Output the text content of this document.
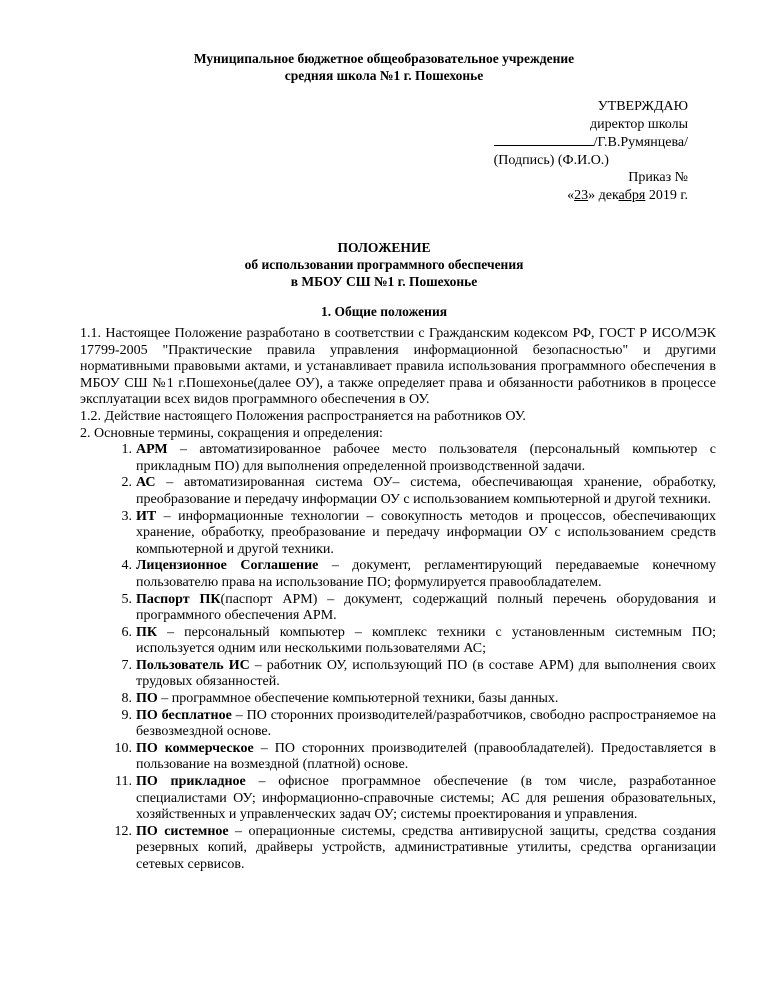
Муниципальное бюджетное общеобразовательное учреждение
средняя школа №1 г. Пошехонье
УТВЕРЖДАЮ
директор школы
/Г.В.Румянцева/
(Подпись) (Ф.И.О.)
Приказ №
«23» декабря 2019 г.
ПОЛОЖЕНИЕ
об использовании программного обеспечения
в МБОУ СШ №1 г. Пошехонье
1. Общие положения

1.1. Настоящее Положение разработано в соответствии с Гражданским кодексом РФ, ГОСТ Р ИСО/МЭК 17799-2005 "Практические правила управления информационной безопасностью" и другими нормативными правовыми актами, и устанавливает правила использования программного обеспечения в МБОУ СШ №1 г.Пошехонье(далее ОУ), а также определяет права и обязанности работников в процессе эксплуатации всех видов программного обеспечения в ОУ.

1.2. Действие настоящего Положения распространяется на работников ОУ.

2. Основные термины, сокращения и определения:

1. АРМ – автоматизированное рабочее место пользователя (персональный компьютер с прикладным ПО) для выполнения определенной производственной задачи.
2. АС – автоматизированная система ОУ– система, обеспечивающая хранение, обработку, преобразование и передачу информации ОУ с использованием компьютерной и другой техники.
3. ИТ – информационные технологии – совокупность методов и процессов, обеспечивающих хранение, обработку, преобразование и передачу информации ОУ с использованием средств компьютерной и другой техники.
4. Лицензионное Соглашение – документ, регламентирующий передаваемые конечному пользователю права на использование ПО; формулируется правообладателем.
5. Паспорт ПК(паспорт АРМ) – документ, содержащий полный перечень оборудования и программного обеспечения АРМ.
6. ПК – персональный компьютер – комплекс техники с установленным системным ПО; используется одним или несколькими пользователями АС;
7. Пользователь ИС – работник ОУ, использующий ПО (в составе АРМ) для выполнения своих трудовых обязанностей.
8. ПО – программное обеспечение компьютерной техники, базы данных.
9. ПО бесплатное – ПО сторонних производителей/разработчиков, свободно распространяемое на безвозмездной основе.
10. ПО коммерческое – ПО сторонних производителей (правообладателей). Предоставляется в пользование на возмездной (платной) основе.
11. ПО прикладное – офисное программное обеспечение (в том числе, разработанное специалистами ОУ; информационно-справочные системы; АС для решения образовательных, хозяйственных и управленческих задач ОУ; системы проектирования и управления.
12. ПО системное – операционные системы, средства антивирусной защиты, средства создания резервных копий, драйверы устройств, административные утилиты, средства организации сетевых сервисов.
